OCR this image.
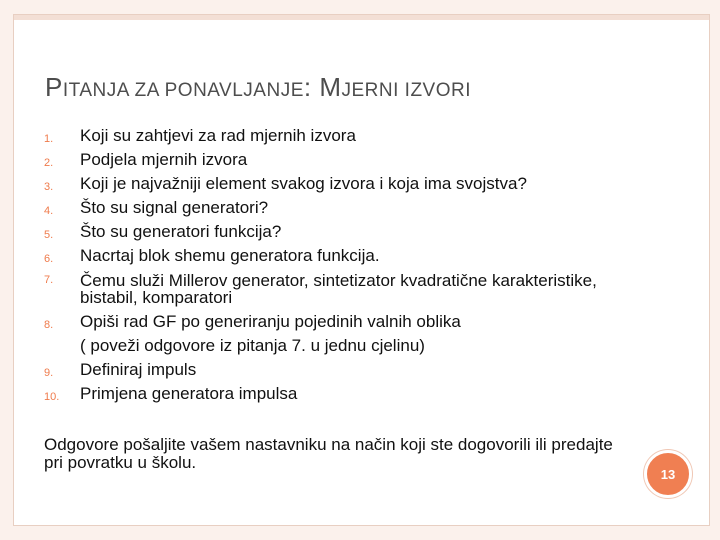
PITANJA ZA PONAVLJANJE: MJERNI IZVORI
1.	Koji su zahtjevi za rad mjernih izvora
2.	Podjela mjernih izvora
3.	Koji je najvažniji element svakog izvora i koja ima svojstva?
4.	Što su signal generatori?
5.	Što su generatori funkcija?
6.	Nacrtaj blok shemu generatora funkcija.
7.	Čemu služi Millerov generator, sintetizator kvadratične karakteristike, bistabil, komparatori
8.	Opiši rad GF po generiranju pojedinih valnih oblika
( poveži odgovore iz pitanja 7. u jednu cjelinu)
9.	Definiraj impuls
10.	Primjena generatora impulsa
Odgovore pošaljite vašem nastavniku na način koji ste dogovorili ili predajte pri povratku u školu.
13
